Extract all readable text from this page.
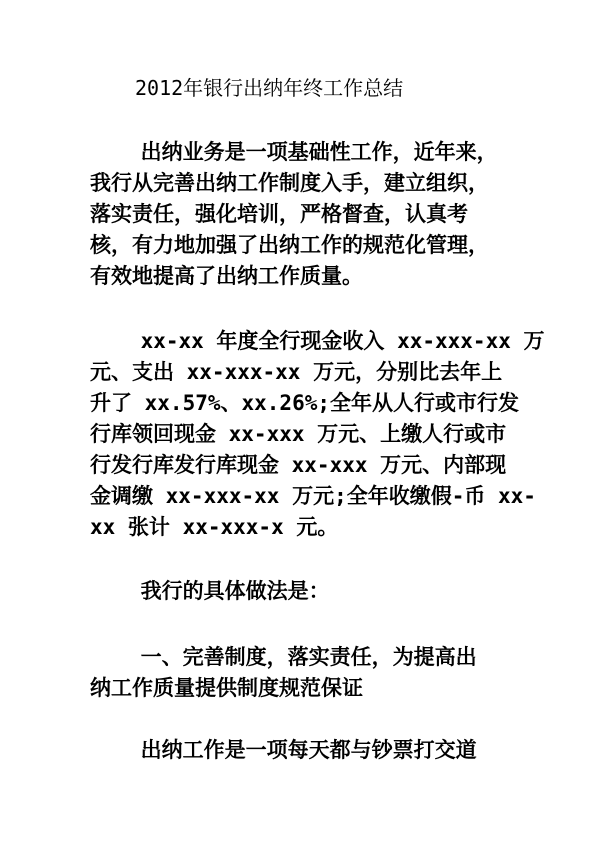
2012年银行出纳年终工作总结
出纳业务是一项基础性工作，近年来，
我行从完善出纳工作制度入手，建立组织，
落实责任，强化培训，严格督查，认真考
核，有力地加强了出纳工作的规范化管理，
有效地提高了出纳工作质量。
xx-xx 年度全行现金收入 xx-xxx-xx 万
元、支出 xx-xxx-xx 万元，分别比去年上
升了 xx.57%、xx.26%;全年从人行或市行发
行库领回现金 xx-xxx 万元、上缴人行或市
行发行库发行库现金 xx-xxx 万元、内部现
金调缴 xx-xxx-xx 万元;全年收缴假-币 xx-
xx 张计 xx-xxx-x 元。
我行的具体做法是：
一、完善制度，落实责任，为提高出
纳工作质量提供制度规范保证
出纳工作是一项每天都与钞票打交道
